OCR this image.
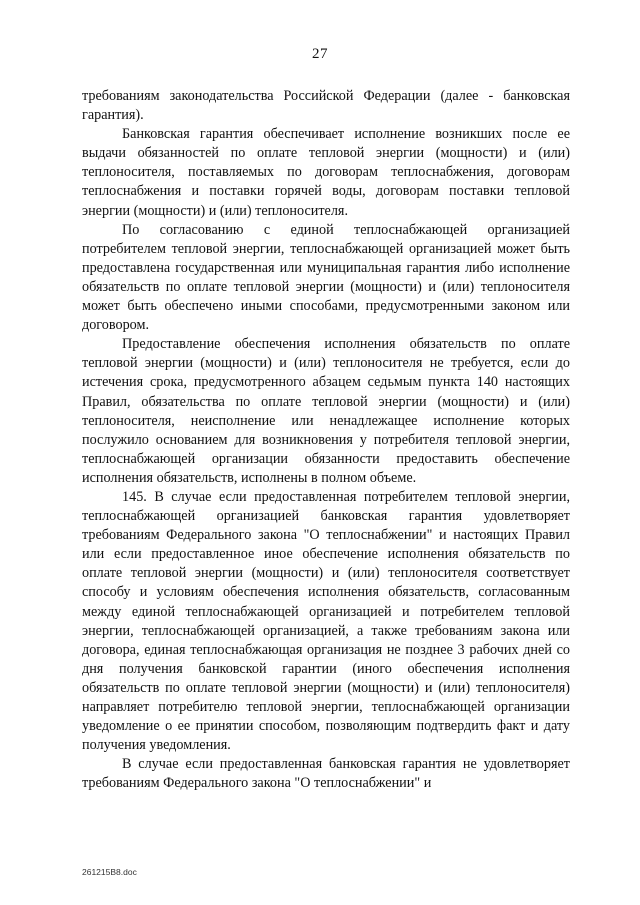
27

требованиям законодательства Российской Федерации (далее - банковская гарантия).

Банковская гарантия обеспечивает исполнение возникших после ее выдачи обязанностей по оплате тепловой энергии (мощности) и (или) теплоносителя, поставляемых по договорам теплоснабжения, договорам теплоснабжения и поставки горячей воды, договорам поставки тепловой энергии (мощности) и (или) теплоносителя.

По согласованию с единой теплоснабжающей организацией потребителем тепловой энергии, теплоснабжающей организацией может быть предоставлена государственная или муниципальная гарантия либо исполнение обязательств по оплате тепловой энергии (мощности) и (или) теплоносителя может быть обеспечено иными способами, предусмотренными законом или договором.

Предоставление обеспечения исполнения обязательств по оплате тепловой энергии (мощности) и (или) теплоносителя не требуется, если до истечения срока, предусмотренного абзацем седьмым пункта 140 настоящих Правил, обязательства по оплате тепловой энергии (мощности) и (или) теплоносителя, неисполнение или ненадлежащее исполнение которых послужило основанием для возникновения у потребителя тепловой энергии, теплоснабжающей организации обязанности предоставить обеспечение исполнения обязательств, исполнены в полном объеме.

145. В случае если предоставленная потребителем тепловой энергии, теплоснабжающей организацией банковская гарантия удовлетворяет требованиям Федерального закона "О теплоснабжении" и настоящих Правил или если предоставленное иное обеспечение исполнения обязательств по оплате тепловой энергии (мощности) и (или) теплоносителя соответствует способу и условиям обеспечения исполнения обязательств, согласованным между единой теплоснабжающей организацией и потребителем тепловой энергии, теплоснабжающей организацией, а также требованиям закона или договора, единая теплоснабжающая организация не позднее 3 рабочих дней со дня получения банковской гарантии (иного обеспечения исполнения обязательств по оплате тепловой энергии (мощности) и (или) теплоносителя) направляет потребителю тепловой энергии, теплоснабжающей организации уведомление о ее принятии способом, позволяющим подтвердить факт и дату получения уведомления.

В случае если предоставленная банковская гарантия не удовлетворяет требованиям Федерального закона "О теплоснабжении" и

261215B8.doc
